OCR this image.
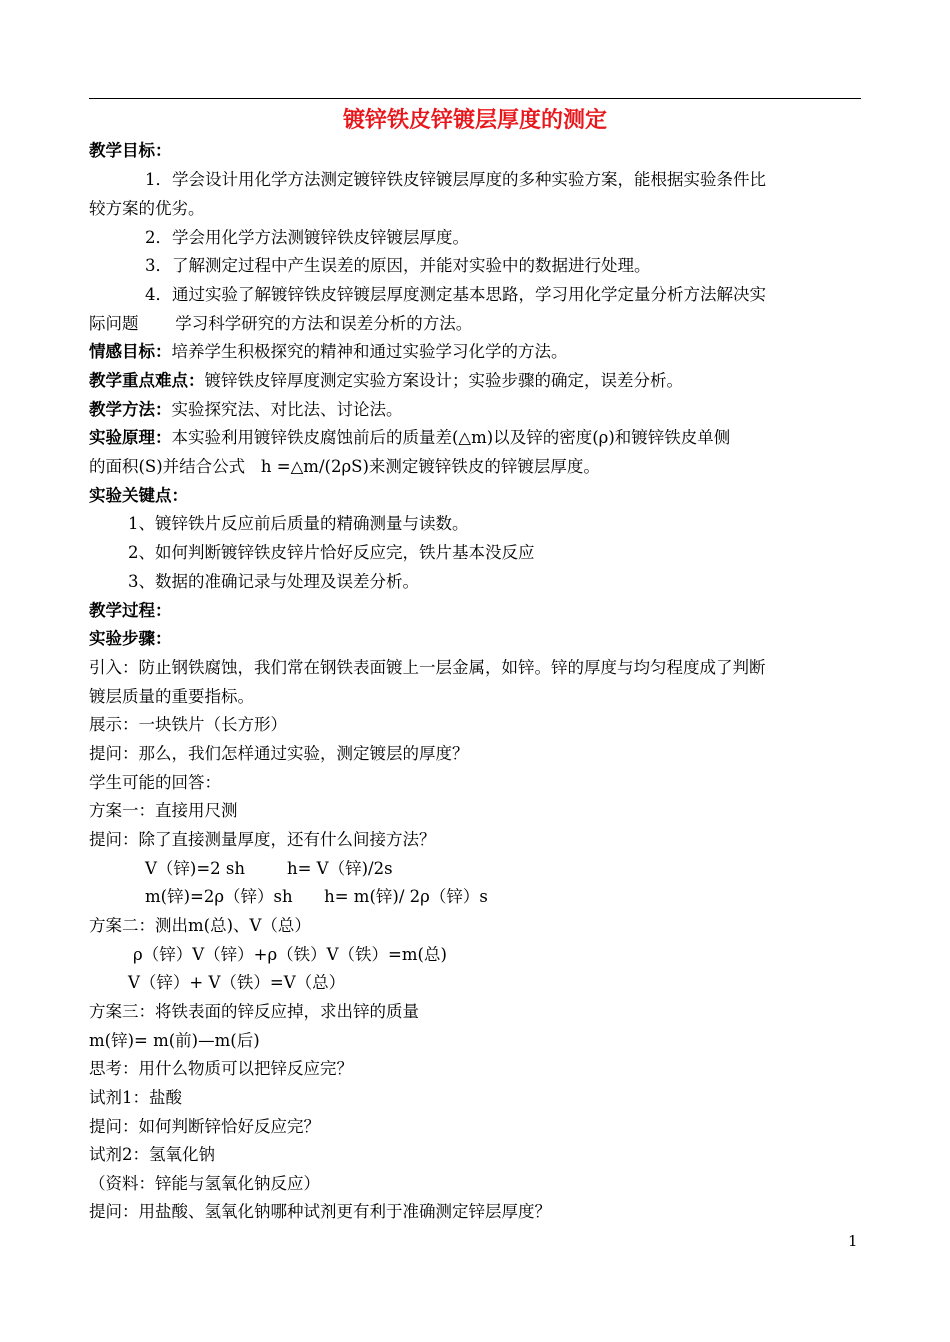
镀锌铁皮锌镀层厚度的测定
教学目标：
1．学会设计用化学方法测定镀锌铁皮锌镀层厚度的多种实验方案，能根据实验条件比
较方案的优劣。
2．学会用化学方法测镀锌铁皮锌镀层厚度。
3．了解测定过程中产生误差的原因，并能对实验中的数据进行处理。
4．通过实验了解镀锌铁皮锌镀层厚度测定基本思路，学习用化学定量分析方法解决实
际问题       学习科学研究的方法和误差分析的方法。
情感目标：培养学生积极探究的精神和通过实验学习化学的方法。
教学重点难点：镀锌铁皮锌厚度测定实验方案设计；实验步骤的确定，误差分析。
教学方法：实验探究法、对比法、讨论法。
实验原理：本实验利用镀锌铁皮腐蚀前后的质量差(△m)以及锌的密度(ρ)和镀锌铁皮单侧
的面积(S)并结合公式   h =△m/(2ρS)来测定镀锌铁皮的锌镀层厚度。
实验关键点：
1、镀锌铁片反应前后质量的精确测量与读数。
2、如何判断镀锌铁皮锌片恰好反应完，铁片基本没反应
3、数据的准确记录与处理及误差分析。
教学过程：
实验步骤：
引入：防止钢铁腐蚀，我们常在钢铁表面镀上一层金属，如锌。锌的厚度与均匀程度成了判断
镀层质量的重要指标。
展示：一块铁片（长方形）
提问：那么，我们怎样通过实验，测定镀层的厚度？
学生可能的回答：
方案一：直接用尺测
提问：除了直接测量厚度，还有什么间接方法？
V（锌)=2 sh        h= V（锌)/2s
m(锌)=2ρ（锌）sh      h= m(锌)/ 2ρ（锌）s
方案二：测出m(总)、V（总）
ρ（锌）V（锌）+ρ（铁）V（铁）=m(总)
V（锌）+ V（铁）=V（总）
方案三：将铁表面的锌反应掉，求出锌的质量
m(锌)= m(前)—m(后)
思考：用什么物质可以把锌反应完？
试剂1：盐酸
提问：如何判断锌恰好反应完？
试剂2：氢氧化钠
（资料：锌能与氢氧化钠反应）
提问：用盐酸、氢氧化钠哪种试剂更有利于准确测定锌层厚度？
1
